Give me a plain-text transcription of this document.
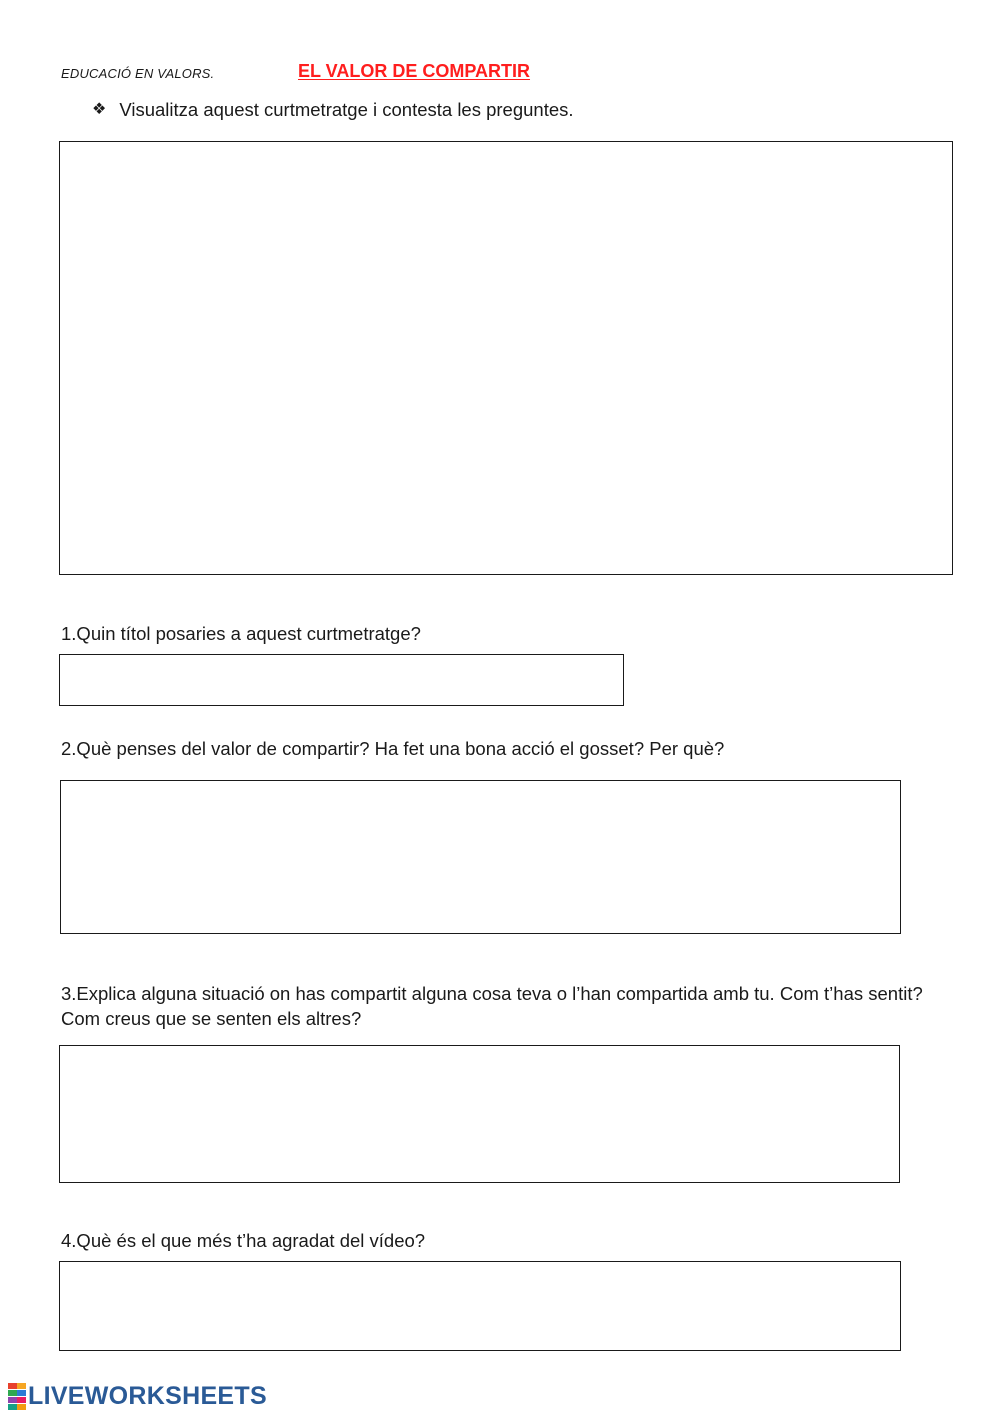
EDUCACIÓ EN VALORS.	EL VALOR DE COMPARTIR
❖ Visualitza aquest curtmetratge i contesta les preguntes.
1.Quin títol posaries a aquest curtmetratge?
2.Què penses del valor de compartir? Ha fet una bona acció el gosset? Per què?
3.Explica alguna situació on has compartit alguna cosa teva o l’han compartida amb tu. Com t’has sentit? Com creus que se senten els altres?
4.Què és el que més t’ha agradat del vídeo?
LIVEWORKSHEETS
